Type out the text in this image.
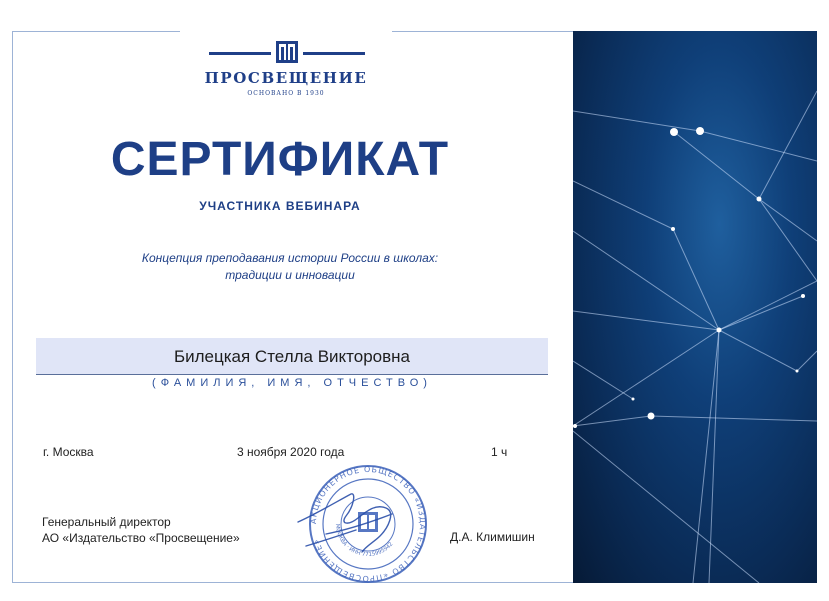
ПРОСВЕЩЕНИЕ
ОСНОВАНО В 1930
СЕРТИФИКАТ
УЧАСТНИКА ВЕБИНАРА
Концепция преподавания истории России в школах:
традиции и инновации
Билецкая Стелла Викторовна
(ФАМИЛИЯ, ИМЯ, ОТЧЕСТВО)
г. Москва	3 ноября 2020 года	1 ч
Генеральный директор
АО «Издательство «Просвещение»	Д.А. Климишин
АКЦИОНЕРНОЕ ОБЩЕСТВО «ИЗДАТЕЛЬСТВО «ПРОСВЕЩЕНИЕ»
МОСКВА · ИНН 7715995942
